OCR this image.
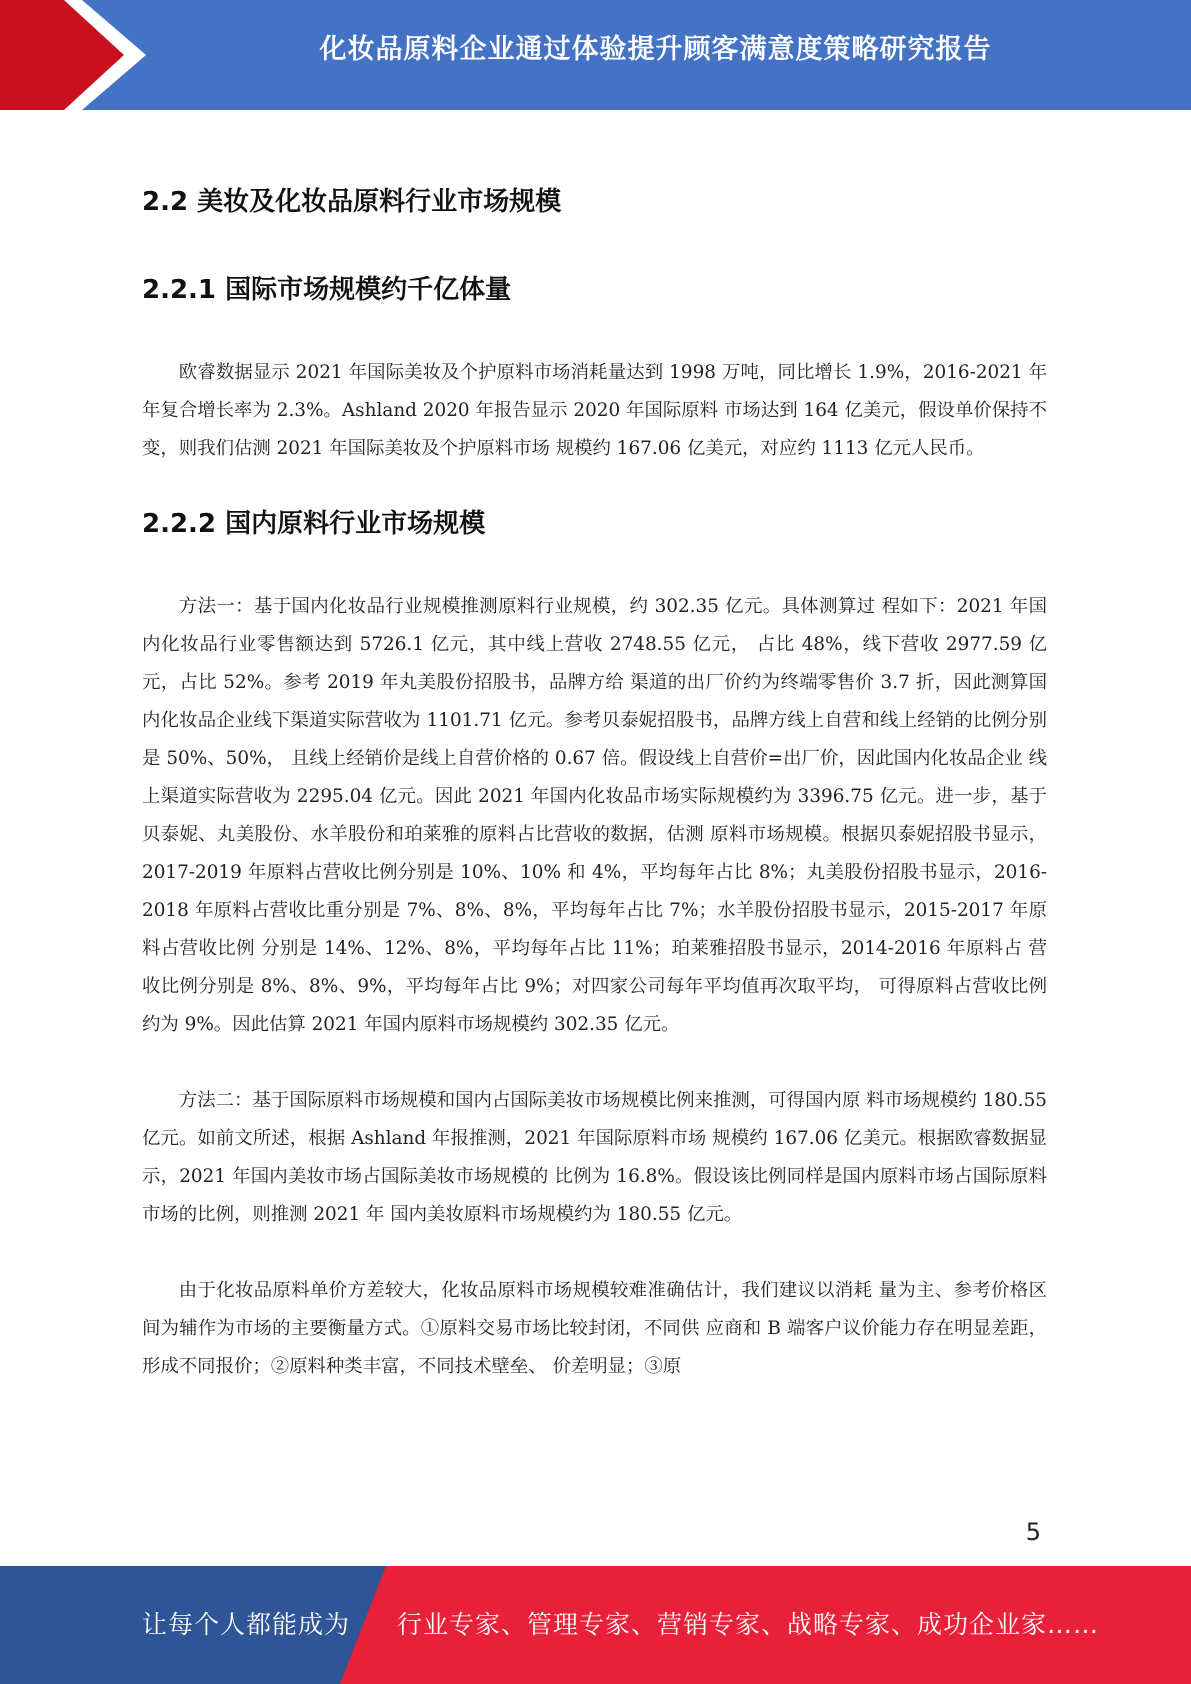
化妆品原料企业通过体验提升顾客满意度策略研究报告
2.2 美妆及化妆品原料行业市场规模
2.2.1 国际市场规模约千亿体量

欧睿数据显示 2021 年国际美妆及个护原料市场消耗量达到 1998 万吨，同比增长 1.9%，2016-2021 年年复合增长率为 2.3%。Ashland 2020 年报告显示 2020 年国际原料 市场达到 164 亿美元，假设单价保持不变，则我们估测 2021 年国际美妆及个护原料市场 规模约 167.06 亿美元，对应约 1113 亿元人民币。

2.2.2 国内原料行业市场规模

方法一：基于国内化妆品行业规模推测原料行业规模，约 302.35 亿元。具体测算过 程如下：2021 年国内化妆品行业零售额达到 5726.1 亿元，其中线上营收 2748.55 亿元， 占比 48%，线下营收 2977.59 亿元，占比 52%。参考 2019 年丸美股份招股书，品牌方给 渠道的出厂价约为终端零售价 3.7 折，因此测算国内化妆品企业线下渠道实际营收为 1101.71 亿元。参考贝泰妮招股书，品牌方线上自营和线上经销的比例分别是 50%、50%， 且线上经销价是线上自营价格的 0.67 倍。假设线上自营价=出厂价，因此国内化妆品企业 线上渠道实际营收为 2295.04 亿元。因此 2021 年国内化妆品市场实际规模约为 3396.75 亿元。进一步，基于贝泰妮、丸美股份、水羊股份和珀莱雅的原料占比营收的数据，估测 原料市场规模。根据贝泰妮招股书显示，2017-2019 年原料占营收比例分别是 10%、10% 和 4%，平均每年占比 8%；丸美股份招股书显示，2016-2018 年原料占营收比重分别是 7%、8%、8%，平均每年占比 7%；水羊股份招股书显示，2015-2017 年原料占营收比例 分别是 14%、12%、8%，平均每年占比 11%；珀莱雅招股书显示，2014-2016 年原料占 营收比例分别是 8%、8%、9%，平均每年占比 9%；对四家公司每年平均值再次取平均， 可得原料占营收比例约为 9%。因此估算 2021 年国内原料市场规模约 302.35 亿元。

方法二：基于国际原料市场规模和国内占国际美妆市场规模比例来推测，可得国内原 料市场规模约 180.55 亿元。如前文所述，根据 Ashland 年报推测，2021 年国际原料市场 规模约 167.06 亿美元。根据欧睿数据显示，2021 年国内美妆市场占国际美妆市场规模的 比例为 16.8%。假设该比例同样是国内原料市场占国际原料市场的比例，则推测 2021 年 国内美妆原料市场规模约为 180.55 亿元。

由于化妆品原料单价方差较大，化妆品原料市场规模较难准确估计，我们建议以消耗 量为主、参考价格区间为辅作为市场的主要衡量方式。①原料交易市场比较封闭，不同供 应商和 B 端客户议价能力存在明显差距，形成不同报价；②原料种类丰富，不同技术壁垒、 价差明显；③原

5
让每个人都能成为 行业专家、管理专家、营销专家、战略专家、成功企业家……
